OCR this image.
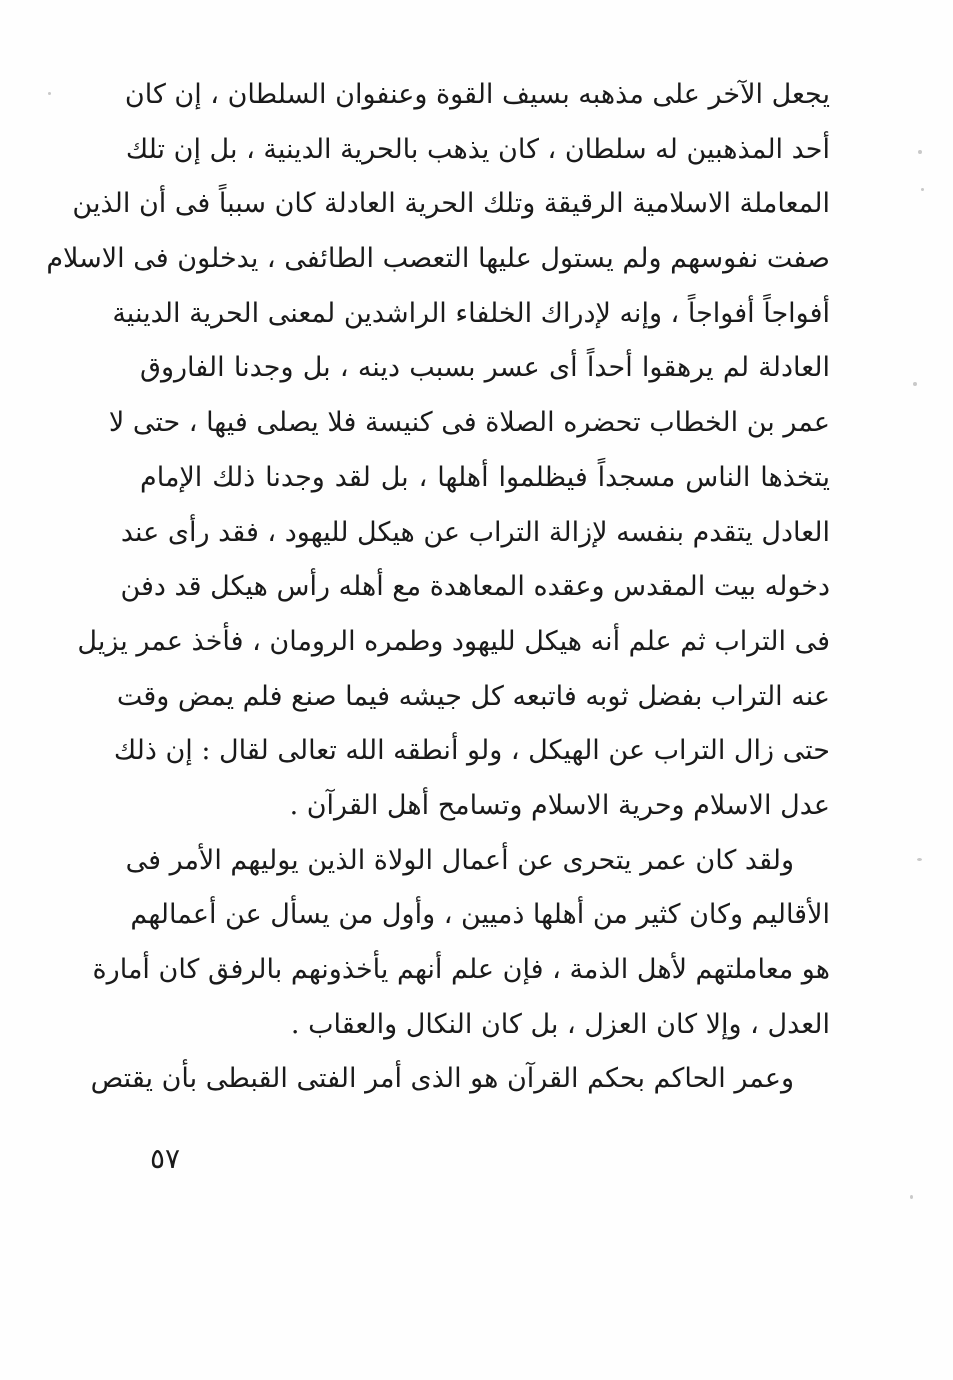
يجعل الآخر على مذهبه بسيف القوة وعنفوان السلطان ، إن كان
أحد المذهبين له سلطان ، كان يذهب بالحرية الدينية ، بل إن تلك
المعاملة الاسلامية الرقيقة وتلك الحرية العادلة كان سبباً فى أن الذين
صفت نفوسهم ولم يستول عليها التعصب الطائفى ، يدخلون فى الاسلام
أفواجاً أفواجاً ، وإنه لإدراك الخلفاء الراشدين لمعنى الحرية الدينية
العادلة لم يرهقوا أحداً أى عسر بسبب دينه ، بل وجدنا الفاروق
عمر بن الخطاب تحضره الصلاة فى كنيسة فلا يصلى فيها ، حتى لا
يتخذها الناس مسجداً فيظلموا أهلها ، بل لقد وجدنا ذلك الإمام
العادل يتقدم بنفسه لإزالة التراب عن هيكل لليهود ، فقد رأى عند
دخوله بيت المقدس وعقده المعاهدة مع أهله رأس هيكل قد دفن
فى التراب ثم علم أنه هيكل لليهود وطمره الرومان ، فأخذ عمر يزيل
عنه التراب بفضل ثوبه فاتبعه كل جيشه فيما صنع فلم يمض وقت
حتى زال التراب عن الهيكل ، ولو أنطقه الله تعالى لقال : إن ذلك
عدل الاسلام وحرية الاسلام وتسامح أهل القرآن .
ولقد كان عمر يتحرى عن أعمال الولاة الذين يوليهم الأمر فى
الأقاليم وكان كثير من أهلها ذميين ، وأول من يسأل عن أعمالهم
هو معاملتهم لأهل الذمة ، فإن علم أنهم يأخذونهم بالرفق كان أمارة
العدل ، وإلا كان العزل ، بل كان النكال والعقاب .
وعمر الحاكم بحكم القرآن هو الذى أمر الفتى القبطى بأن يقتص
٥٧
